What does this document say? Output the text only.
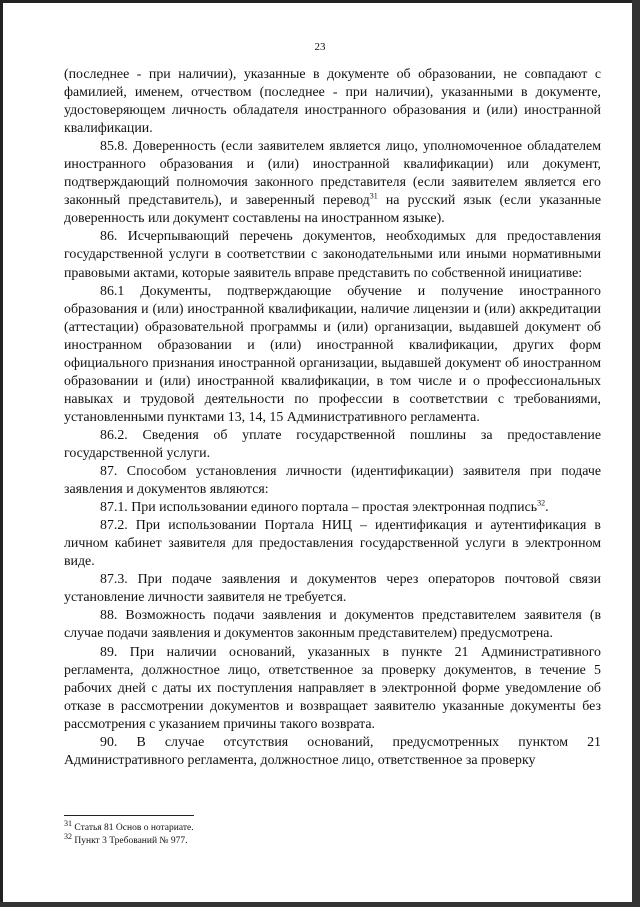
23

(последнее - при наличии), указанные в документе об образовании, не совпадают с фамилией, именем, отчеством (последнее - при наличии), указанными в документе, удостоверяющем личность обладателя иностранного образования и (или) иностранной квалификации.

85.8. Доверенность (если заявителем является лицо, уполномоченное обладателем иностранного образования и (или) иностранной квалификации) или документ, подтверждающий полномочия законного представителя (если заявителем является его законный представитель), и заверенный перевод$^{31}$ на русский язык (если указанные доверенность или документ составлены на иностранном языке).

86. Исчерпывающий перечень документов, необходимых для предоставления государственной услуги в соответствии с законодательными или иными нормативными правовыми актами, которые заявитель вправе представить по собственной инициативе:

86.1 Документы, подтверждающие обучение и получение иностранного образования и (или) иностранной квалификации, наличие лицензии и (или) аккредитации (аттестации) образовательной программы и (или) организации, выдавшей документ об иностранном образовании и (или) иностранной квалификации, других форм официального признания иностранной организации, выдавшей документ об иностранном образовании и (или) иностранной квалификации, в том числе и о профессиональных навыках и трудовой деятельности по профессии в соответствии с требованиями, установленными пунктами 13, 14, 15 Административного регламента.

86.2. Сведения об уплате государственной пошлины за предоставление государственной услуги.

87. Способом установления личности (идентификации) заявителя при подаче заявления и документов являются:

87.1. При использовании единого портала – простая электронная подпись$^{32}$.

87.2. При использовании Портала НИЦ – идентификация и аутентификация в личном кабинет заявителя для предоставления государственной услуги в электронном виде.

87.3. При подаче заявления и документов через операторов почтовой связи установление личности заявителя не требуется.

88. Возможность подачи заявления и документов представителем заявителя (в случае подачи заявления и документов законным представителем) предусмотрена.

89. При наличии оснований, указанных в пункте 21 Административного регламента, должностное лицо, ответственное за проверку документов, в течение 5 рабочих дней с даты их поступления направляет в электронной форме уведомление об отказе в рассмотрении документов и возвращает заявителю указанные документы без рассмотрения с указанием причины такого возврата.

90. В случае отсутствия оснований, предусмотренных пунктом 21 Административного регламента, должностное лицо, ответственное за проверку

$^{31}$ Статья 81 Основ о нотариате.
$^{32}$ Пункт 3 Требований № 977.
